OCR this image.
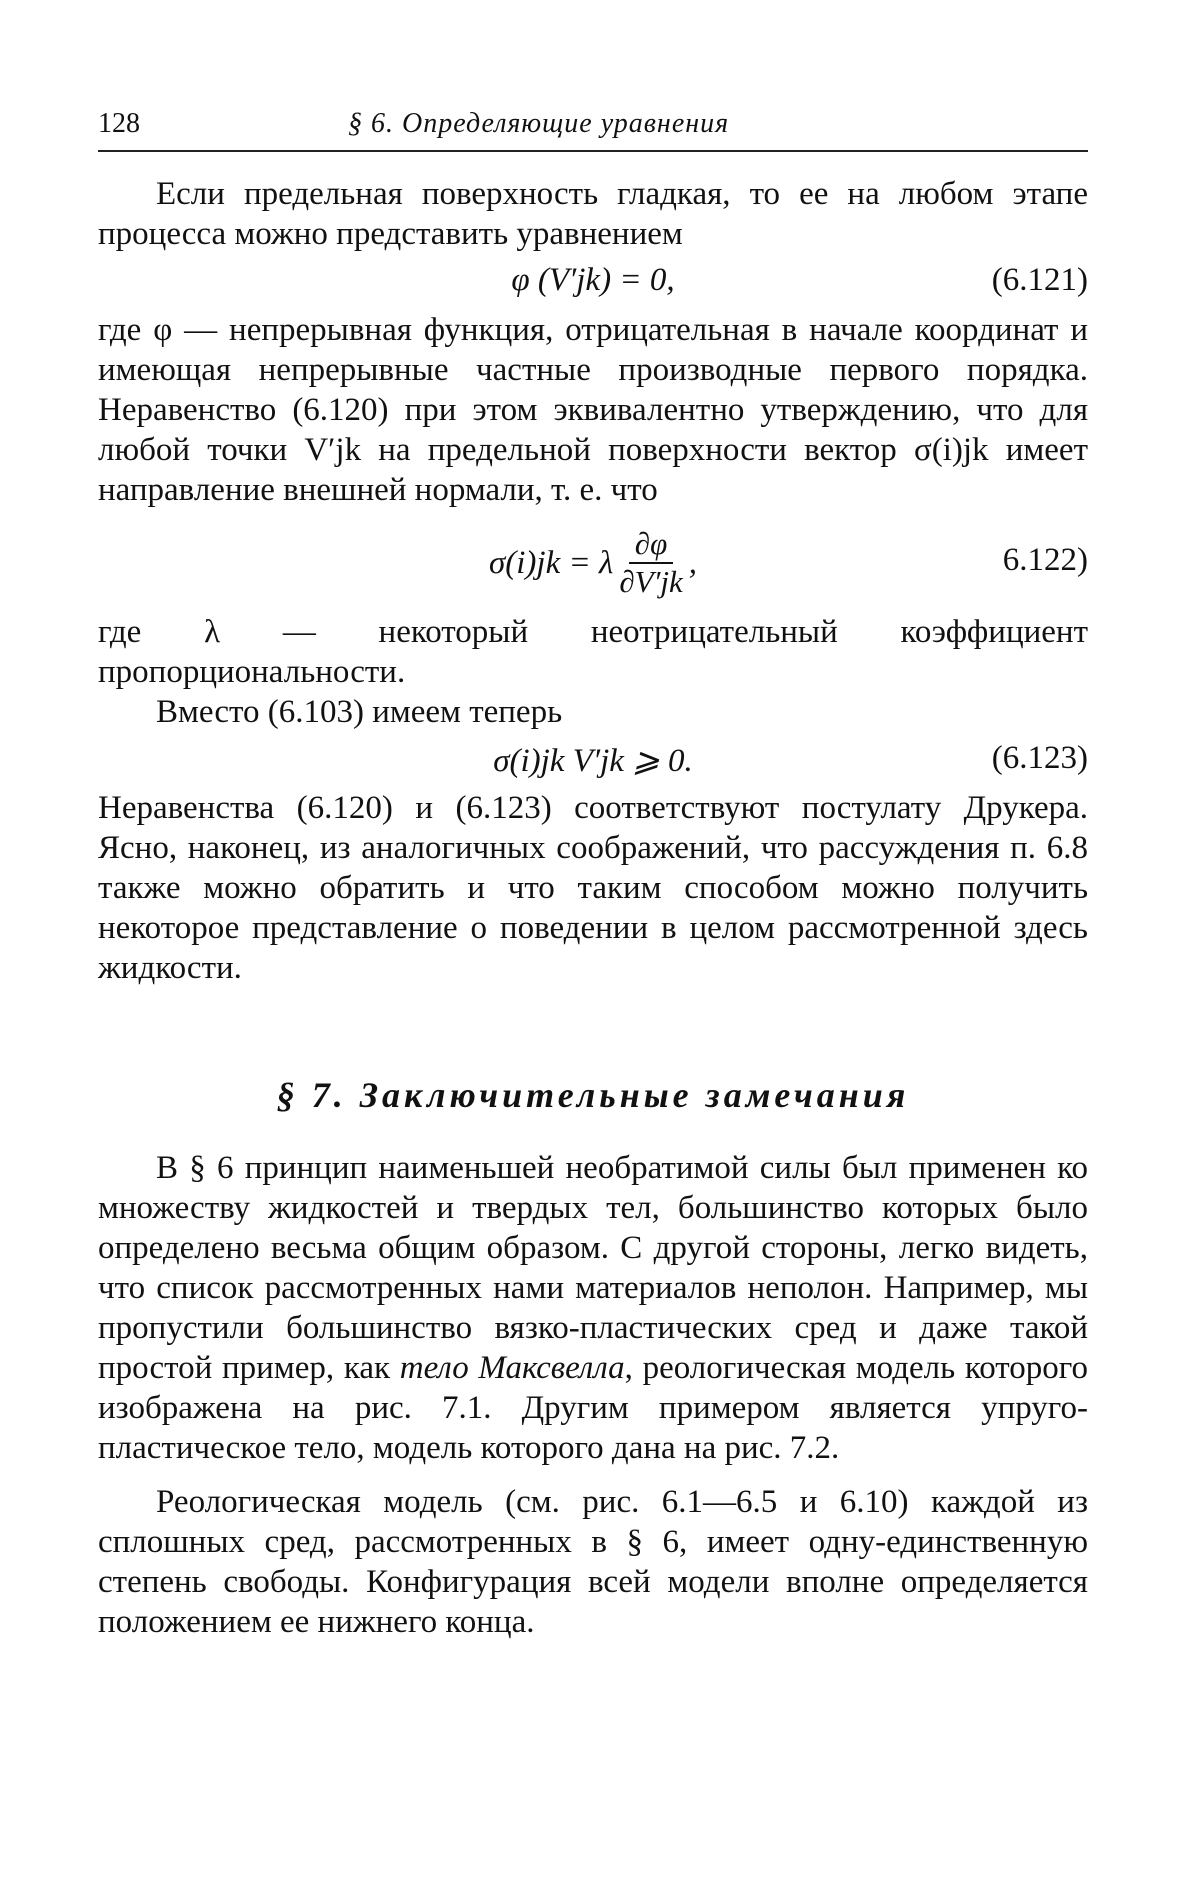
128	§ 6. Определяющие уравнения

Если предельная поверхность гладкая, то ее на любом этапе процесса можно представить уравнением

φ (V′jk) = 0,	(6.121)

где φ — непрерывная функция, отрицательная в начале координат и имеющая непрерывные частные производные первого порядка. Неравенство (6.120) при этом эквивалентно утверждению, что для любой точки V′jk на предельной поверхности вектор σ(i)jk имеет направление внешней нормали, т. е. что

σ(i)jk = λ $\frac{\partial\varphi}{\partial V'jk}$ ,	6.122)

где λ — некоторый неотрицательный коэффициент пропорциональности.

Вместо (6.103) имеем теперь

σ(i)jk V′jk ⩾ 0.	(6.123)

Неравенства (6.120) и (6.123) соответствуют постулату Друкера. Ясно, наконец, из аналогичных соображений, что рассуждения п. 6.8 также можно обратить и что таким способом можно получить некоторое представление о поведении в целом рассмотренной здесь жидкости.

§ 7. Заключительные замечания

В § 6 принцип наименьшей необратимой силы был применен ко множеству жидкостей и твердых тел, большинство которых было определено весьма общим образом. С другой стороны, легко видеть, что список рассмотренных нами материалов неполон. Например, мы пропустили большинство вязко-пластических сред и даже такой простой пример, как тело Максвелла, реологическая модель которого изображена на рис. 7.1. Другим примером является упруго-пластическое тело, модель которого дана на рис. 7.2.

Реологическая модель (см. рис. 6.1—6.5 и 6.10) каждой из сплошных сред, рассмотренных в § 6, имеет одну-единственную степень свободы. Конфигурация всей модели вполне определяется положением ее нижнего конца.
